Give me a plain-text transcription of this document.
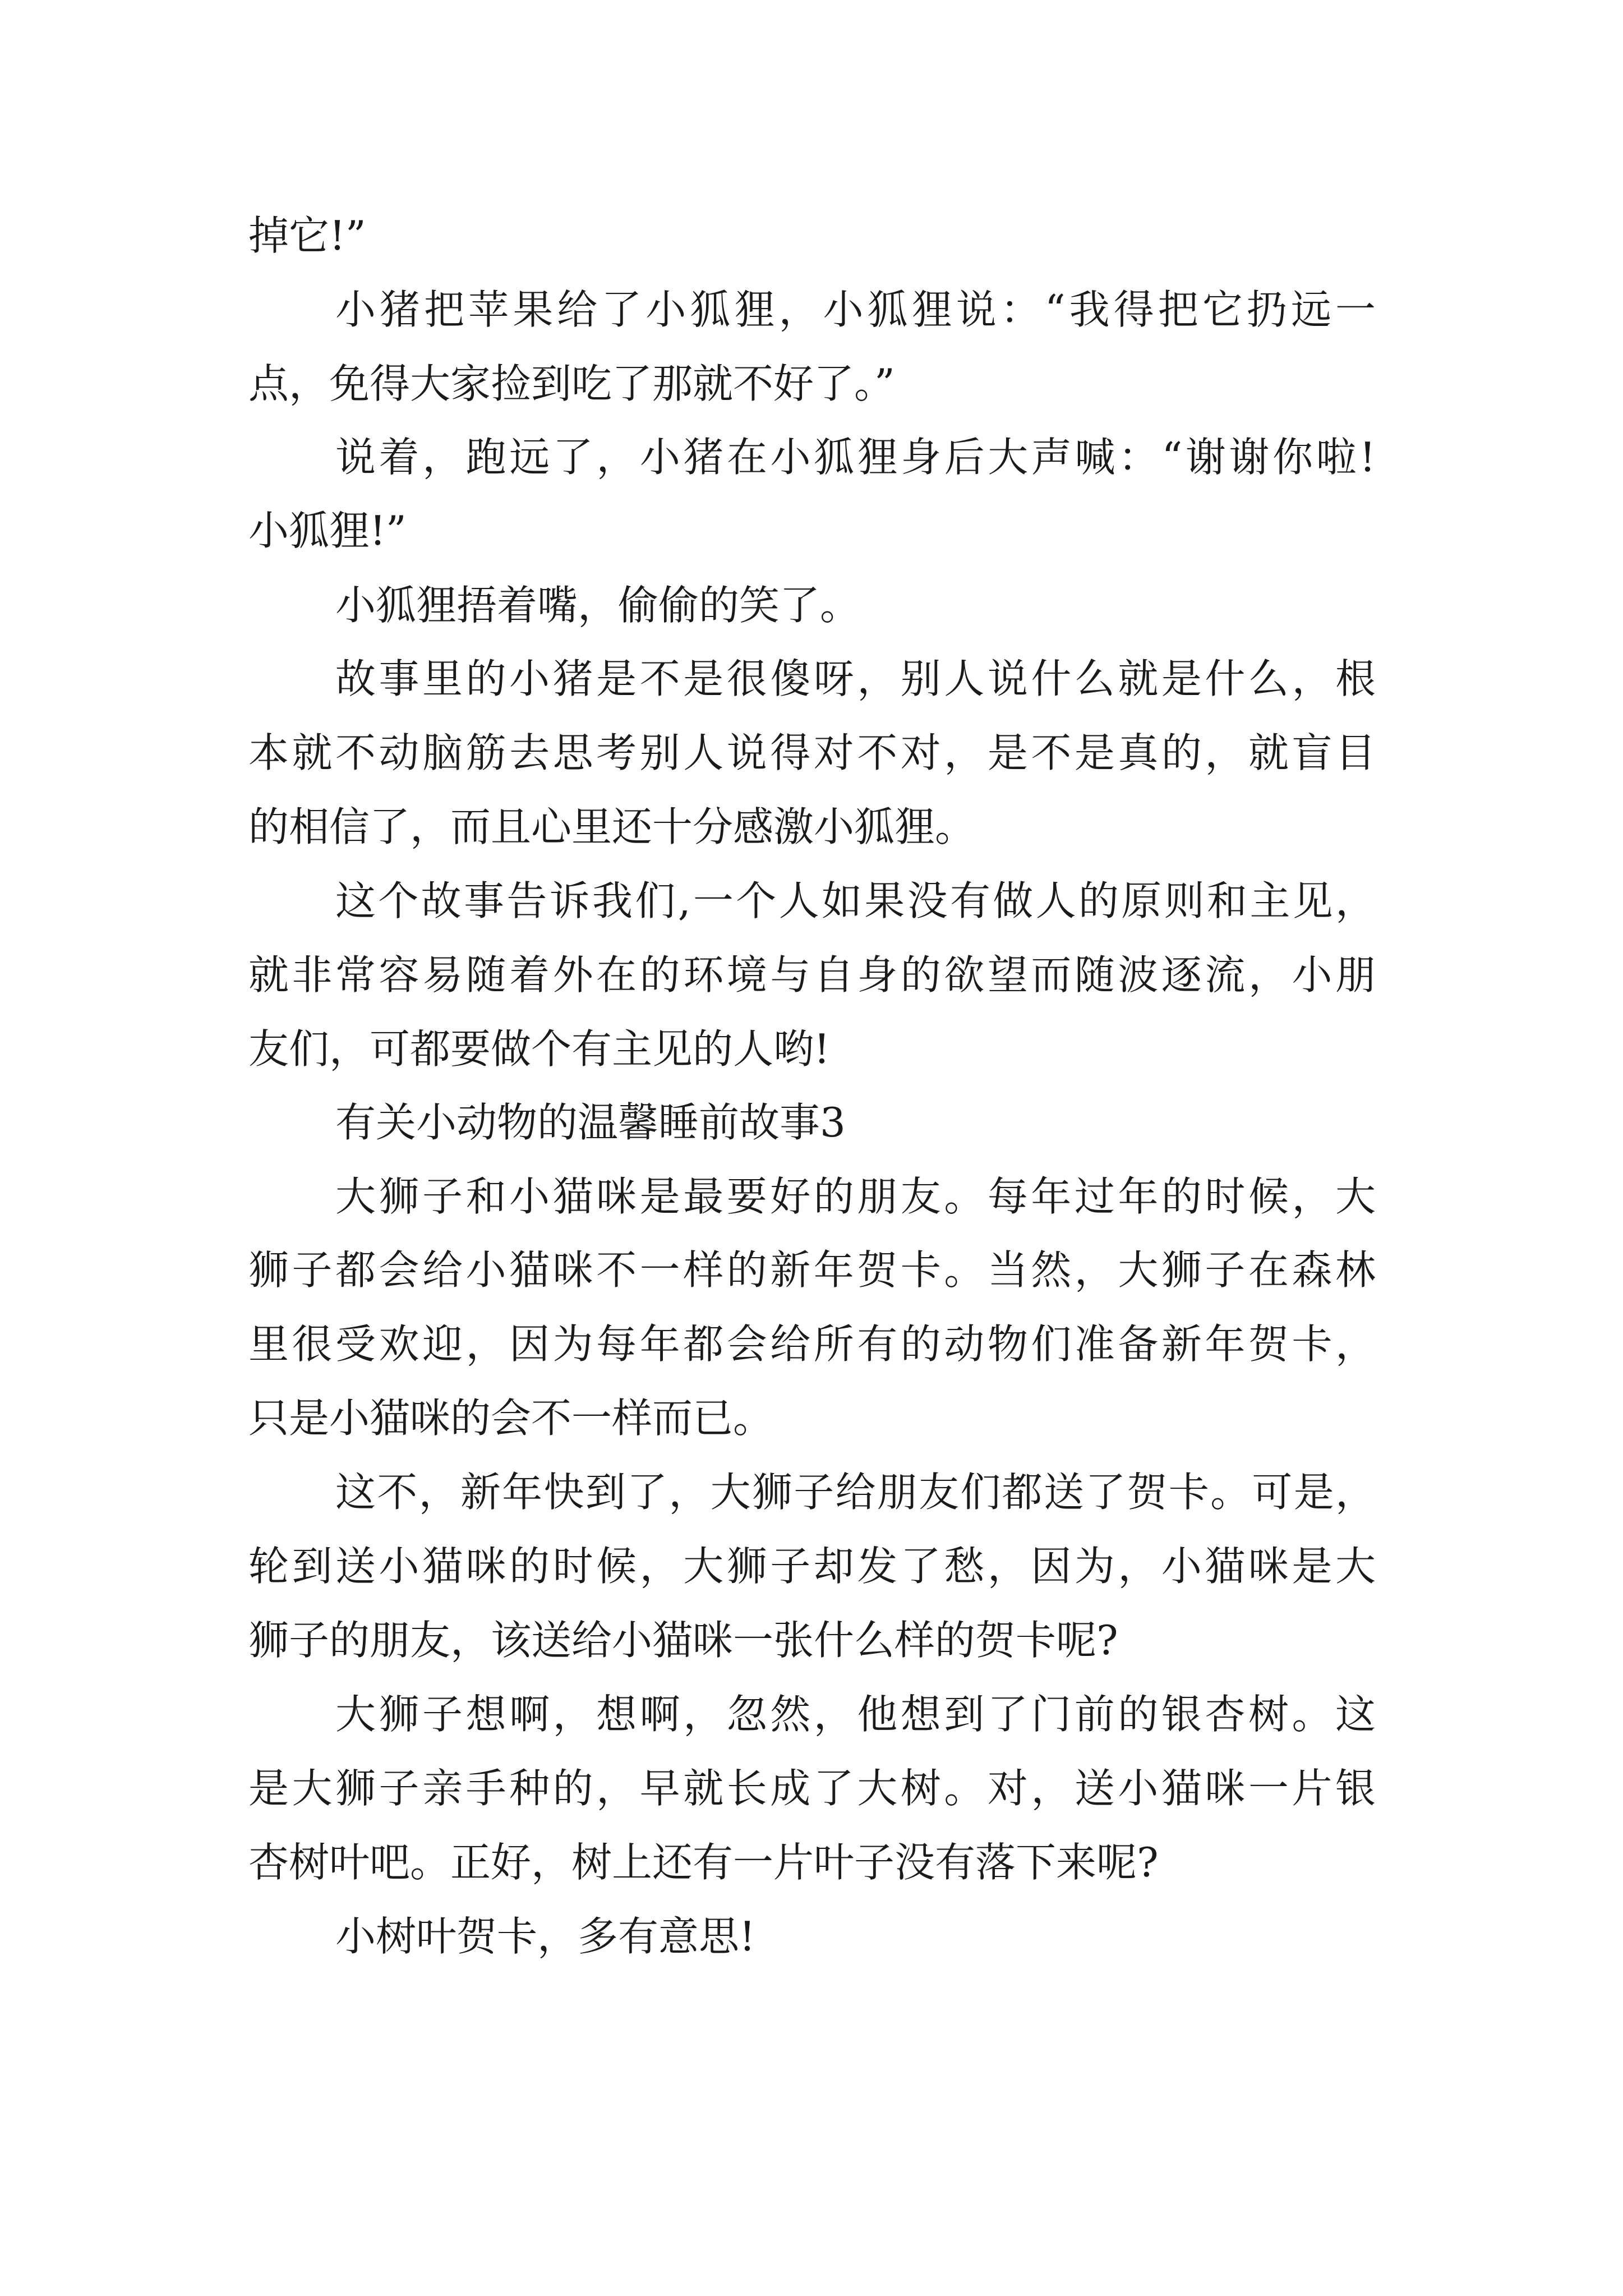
掉它!”

小猪把苹果给了小狐狸，小狐狸说：“我得把它扔远一

点，免得大家捡到吃了那就不好了。”

说着，跑远了，小猪在小狐狸身后大声喊：“谢谢你啦!

小狐狸!”

小狐狸捂着嘴，偷偷的笑了。

故事里的小猪是不是很傻呀，别人说什么就是什么，根

本就不动脑筋去思考别人说得对不对，是不是真的，就盲目

的相信了，而且心里还十分感激小狐狸。

这个故事告诉我们,一个人如果没有做人的原则和主见，

就非常容易随着外在的环境与自身的欲望而随波逐流，小朋

友们，可都要做个有主见的人哟!

有关小动物的温馨睡前故事3

大狮子和小猫咪是最要好的朋友。每年过年的时候，大

狮子都会给小猫咪不一样的新年贺卡。当然，大狮子在森林

里很受欢迎，因为每年都会给所有的动物们准备新年贺卡，

只是小猫咪的会不一样而已。

这不，新年快到了，大狮子给朋友们都送了贺卡。可是，

轮到送小猫咪的时候，大狮子却发了愁，因为，小猫咪是大

狮子的朋友，该送给小猫咪一张什么样的贺卡呢?

大狮子想啊，想啊，忽然，他想到了门前的银杏树。这

是大狮子亲手种的，早就长成了大树。对，送小猫咪一片银

杏树叶吧。正好，树上还有一片叶子没有落下来呢?

小树叶贺卡，多有意思!
